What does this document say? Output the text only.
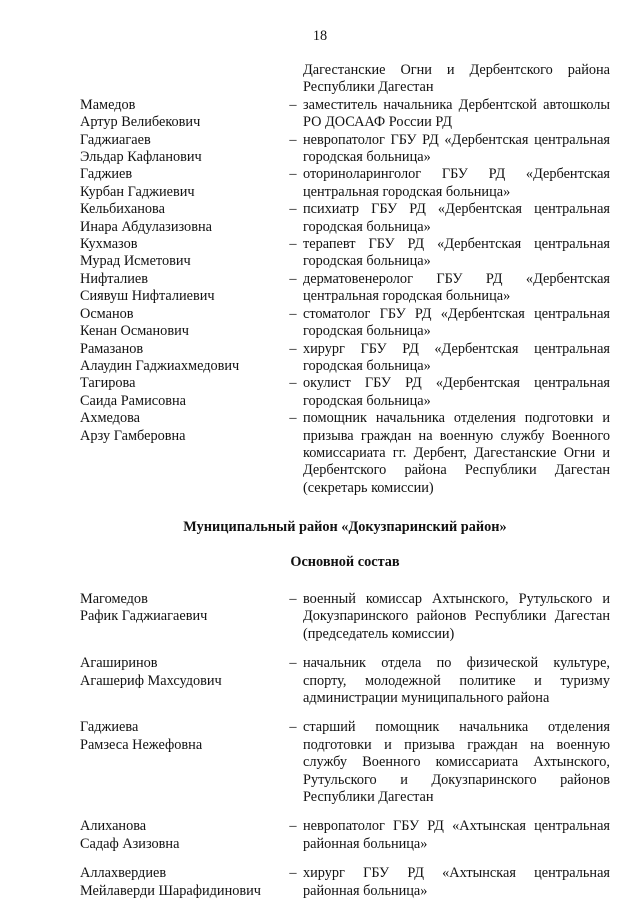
18
Дагестанские Огни и Дербентского района Республики Дагестан
Мамедов
Артур Велибекович
– заместитель начальника Дербентской автошколы РО ДОСААФ России РД
Гаджиагаев
Эльдар Кафланович
– невропатолог ГБУ РД «Дербентская центральная городская больница»
Гаджиев
Курбан Гаджиевич
– оториноларинголог ГБУ РД «Дербентская центральная городская больница»
Кельбиханова
Инара Абдулазизовна
– психиатр ГБУ РД «Дербентская центральная городская больница»
Кухмазов
Мурад Исметович
– терапевт ГБУ РД «Дербентская центральная городская больница»
Нифталиев
Сиявуш Нифталиевич
– дерматовенеролог ГБУ РД «Дербентская центральная городская больница»
Османов
Кенан Османович
– стоматолог ГБУ РД «Дербентская центральная городская больница»
Рамазанов
Алаудин Гаджиахмедович
– хирург ГБУ РД «Дербентская центральная городская больница»
Тагирова
Саида Рамисовна
– окулист ГБУ РД «Дербентская центральная городская больница»
Ахмедова
Арзу Гамберовна
– помощник начальника отделения подготовки и призыва граждан на военную службу Военного комиссариата гг. Дербент, Дагестанские Огни и Дербентского района Республики Дагестан (секретарь комиссии)
Муниципальный район «Докузпаринский район»
Основной состав
Магомедов
Рафик Гаджиагаевич
– военный комиссар Ахтынского, Рутульского и Докузпаринского районов Республики Дагестан (председатель комиссии)
Агаширинов
Агашериф Махсудович
– начальник отдела по физической культуре, спорту, молодежной политике и туризму администрации муниципального района
Гаджиева
Рамзеса Нежефовна
– старший помощник начальника отделения подготовки и призыва граждан на военную службу Военного комиссариата Ахтынского, Рутульского и Докузпаринского районов Республики Дагестан
Алиханова
Садаф Азизовна
– невропатолог ГБУ РД «Ахтынская центральная районная больница»
Аллахвердиев
Мейлаверди Шарафидинович
– хирург ГБУ РД «Ахтынская центральная районная больница»
